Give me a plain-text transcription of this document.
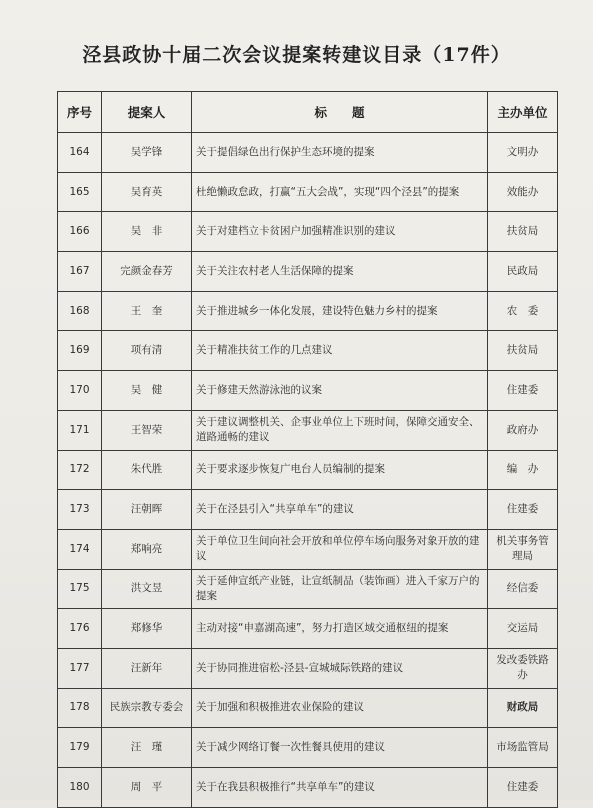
泾县政协十届二次会议提案转建议目录（17件）
序号	提案人	标　　题	主办单位
164	吴学锋	关于提倡绿色出行保护生态环境的提案	文明办
165	吴育英	杜绝懒政怠政，打赢“五大会战”，实现“四个泾县”的提案	效能办
166	吴　非	关于对建档立卡贫困户加强精准识别的建议	扶贫局
167	完颜金春芳	关于关注农村老人生活保障的提案	民政局
168	王　奎	关于推进城乡一体化发展，建设特色魅力乡村的提案	农　委
169	项有清	关于精准扶贫工作的几点建议	扶贫局
170	吴　健	关于修建天然游泳池的议案	住建委
171	王智荣	关于建议调整机关、企事业单位上下班时间，保障交通安全、道路通畅的建议	政府办
172	朱代胜	关于要求逐步恢复广电台人员编制的提案	编　办
173	汪朝晖	关于在泾县引入“共享单车”的建议	住建委
174	郑响亮	关于单位卫生间向社会开放和单位停车场向服务对象开放的建议	机关事务管理局
175	洪文昱	关于延伸宣纸产业链，让宣纸制品（装饰画）进入千家万户的提案	经信委
176	郑修华	主动对接“申嘉湖高速”，努力打造区域交通枢纽的提案	交运局
177	汪新年	关于协同推进宿松-泾县-宣城城际铁路的建议	发改委铁路办
178	民族宗教专委会	关于加强和积极推进农业保险的建议	财政局
179	汪　瑾	关于减少网络订餐一次性餐具使用的建议	市场监管局
180	周　平	关于在我县积极推行“共享单车”的建议	住建委
